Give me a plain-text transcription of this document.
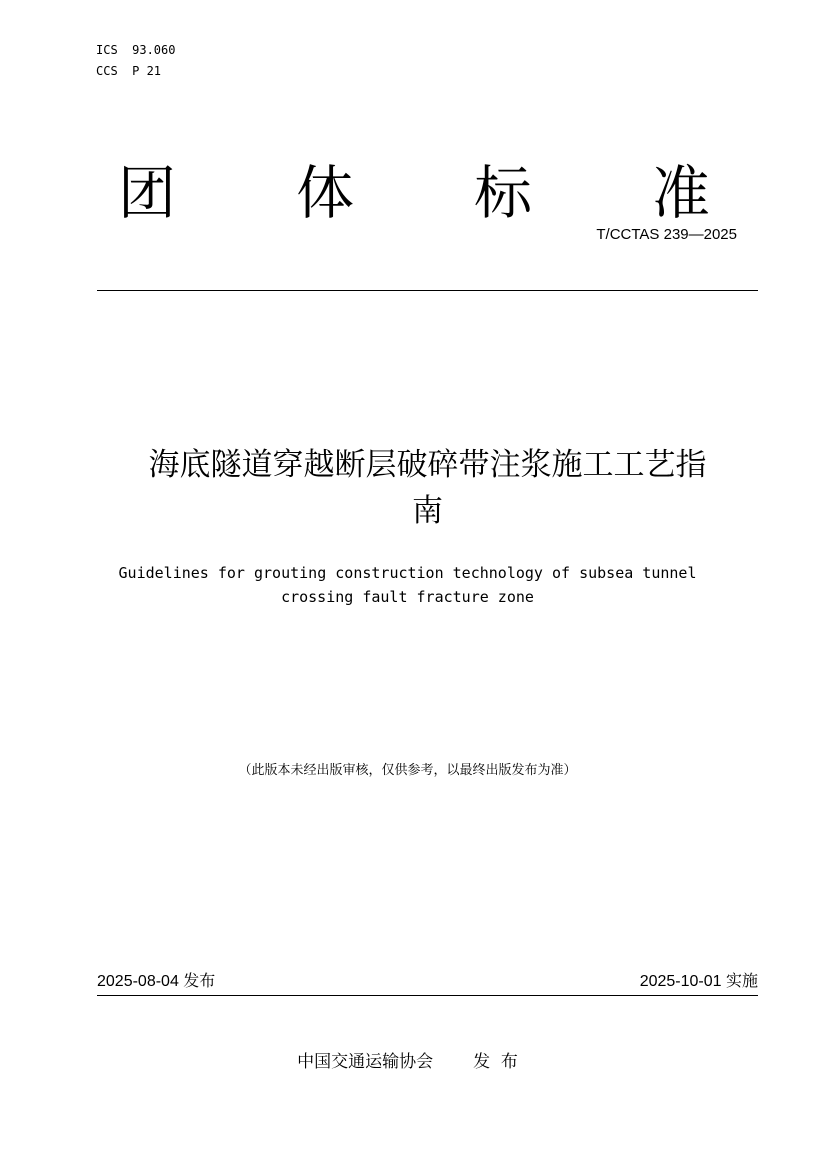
ICS  93.060
CCS  P 21
团 体 标 准
T/CCTAS 239—2025
海底隧道穿越断层破碎带注浆施工工艺指
南
Guidelines for grouting construction technology of subsea tunnel
crossing fault fracture zone
（此版本未经出版审核，仅供参考，以最终出版发布为准）
2025-08-04 发布	2025-10-01 实施
中国交通运输协会 发  布
